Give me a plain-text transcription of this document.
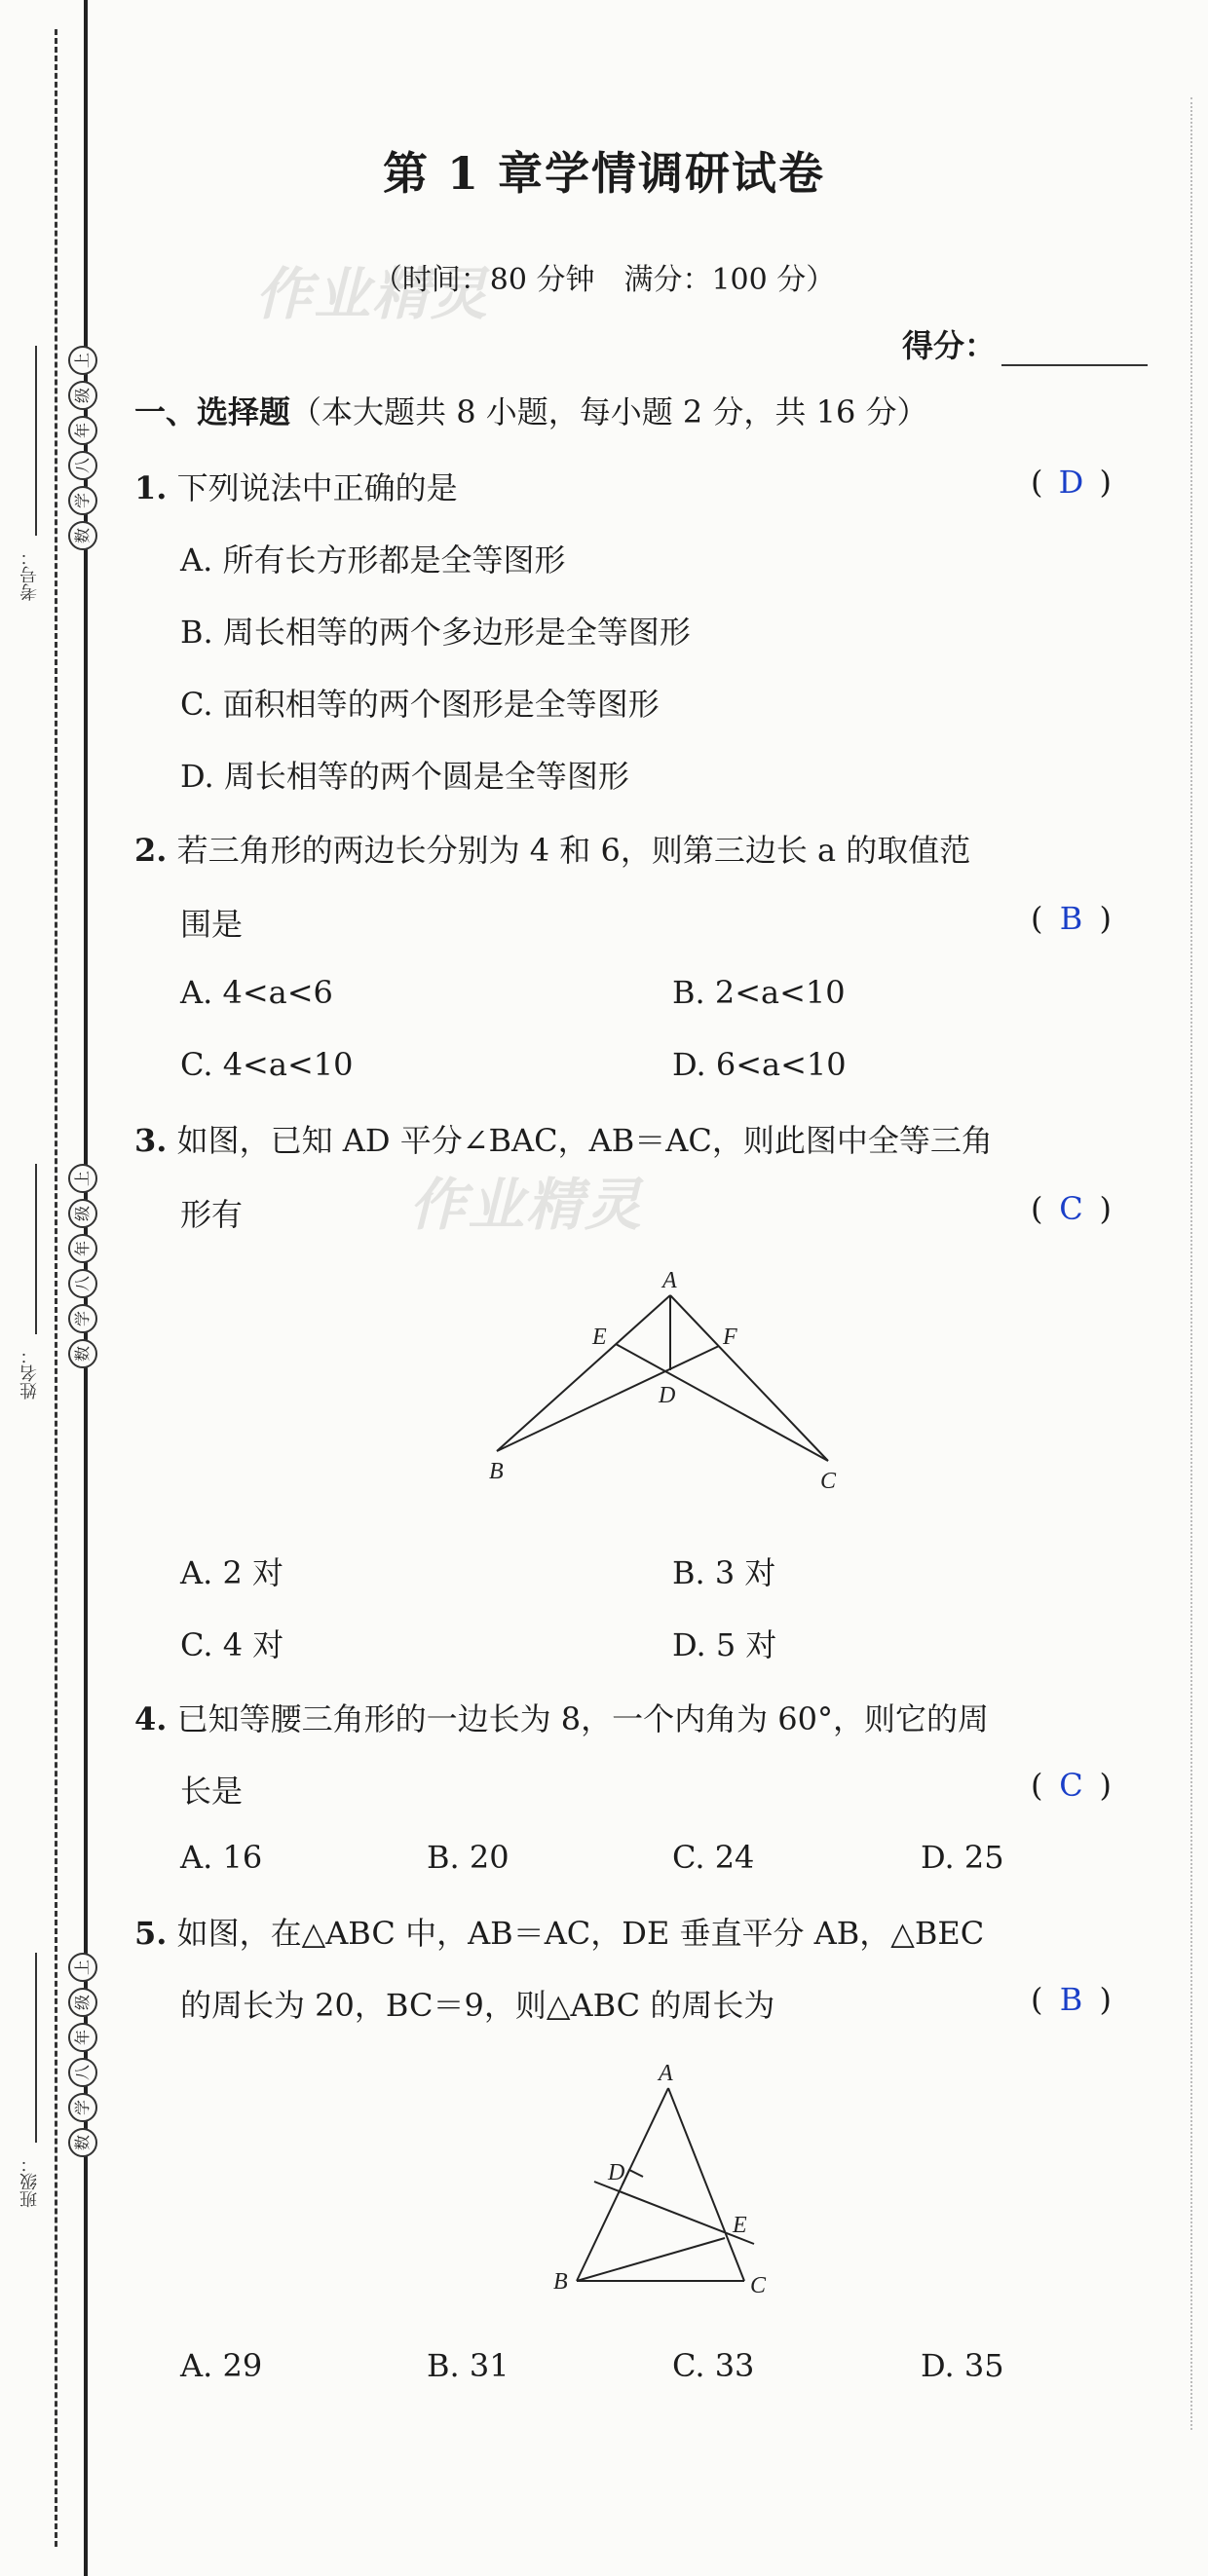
考号：
数
学
八
年
级
上
姓名：	数
学
八
年
级
上
班级：
数
学
八
年
级
上
第 1 章学情调研试卷
作业精灵
（时间：80 分钟　满分：100 分）
得分：
一、选择题（本大题共 8 小题，每小题 2 分，共 16 分）
1. 下列说法中正确的是	( D )
A. 所有长方形都是全等图形
B. 周长相等的两个多边形是全等图形
C. 面积相等的两个图形是全等图形
D. 周长相等的两个圆是全等图形
2. 若三角形的两边长分别为 4 和 6，则第三边长 a 的取值范
围是	( B )
A. 4<a<6	B. 2<a<10
C. 4<a<10	D. 6<a<10
3. 如图，已知 AD 平分∠BAC，AB＝AC，则此图中全等三角
作业精灵
形有	( C )
A
E	F
D
B	C
A. 2 对	B. 3 对
C. 4 对	D. 5 对
4. 已知等腰三角形的一边长为 8，一个内角为 60°，则它的周
长是	( C )
A. 16	B. 20	C. 24	D. 25
5. 如图，在△ABC 中，AB＝AC，DE 垂直平分 AB，△BEC
的周长为 20，BC＝9，则△ABC 的周长为	( B )
A
D
E
B	C
A. 29	B. 31	C. 33	D. 35
